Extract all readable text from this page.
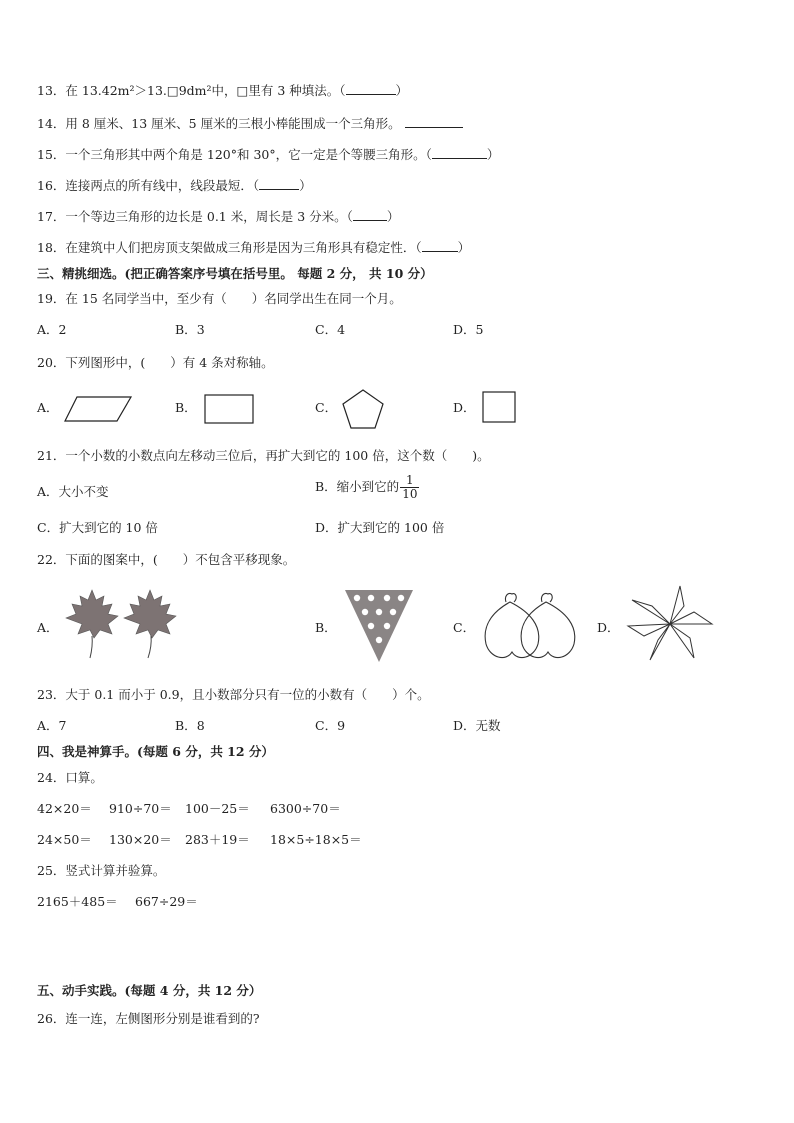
13．在 13.42m²＞13.□9dm²中，□里有 3 种填法。（	）
14．用 8 厘米、13 厘米、5 厘米的三根小棒能围成一个三角形。
15．一个三角形其中两个角是 120°和 30°，它一定是个等腰三角形。（	）
16．连接两点的所有线中，线段最短．（	）
17．一个等边三角形的边长是 0.1 米，周长是 3 分米。（	）
18．在建筑中人们把房顶支架做成三角形是因为三角形具有稳定性．（	）
三、精挑细选。(把正确答案序号填在括号里。 每题 2 分， 共 10 分）
19．在 15 名同学当中，至少有（　　）名同学出生在同一个月。
A．2	B．3	C．4	D．5
20．下列图形中，(　　）有 4 条对称轴。
A．	B．	C．	D．
21．一个小数的小数点向左移动三位后，再扩大到它的 100 倍，这个数（　　)。
A．大小不变	B．缩小到它的 $\frac{1}{10}$
C．扩大到它的 10 倍	D．扩大到它的 100 倍
22．下面的图案中，(　　）不包含平移现象。
A．	B．	C．	D．
23．大于 0.1 而小于 0.9，且小数部分只有一位的小数有（　　）个。
A．7	B．8	C．9	D．无数
四、我是神算手。(每题 6 分，共 12 分）
24．口算。
42×20＝ 910÷70＝ 100－25＝ 6300÷70＝
24×50＝ 130×20＝ 283＋19＝ 18×5÷18×5＝
25．竖式计算并验算。
2165＋485＝ 667÷29＝
五、动手实践。(每题 4 分，共 12 分）
26．连一连，左侧图形分别是谁看到的?
